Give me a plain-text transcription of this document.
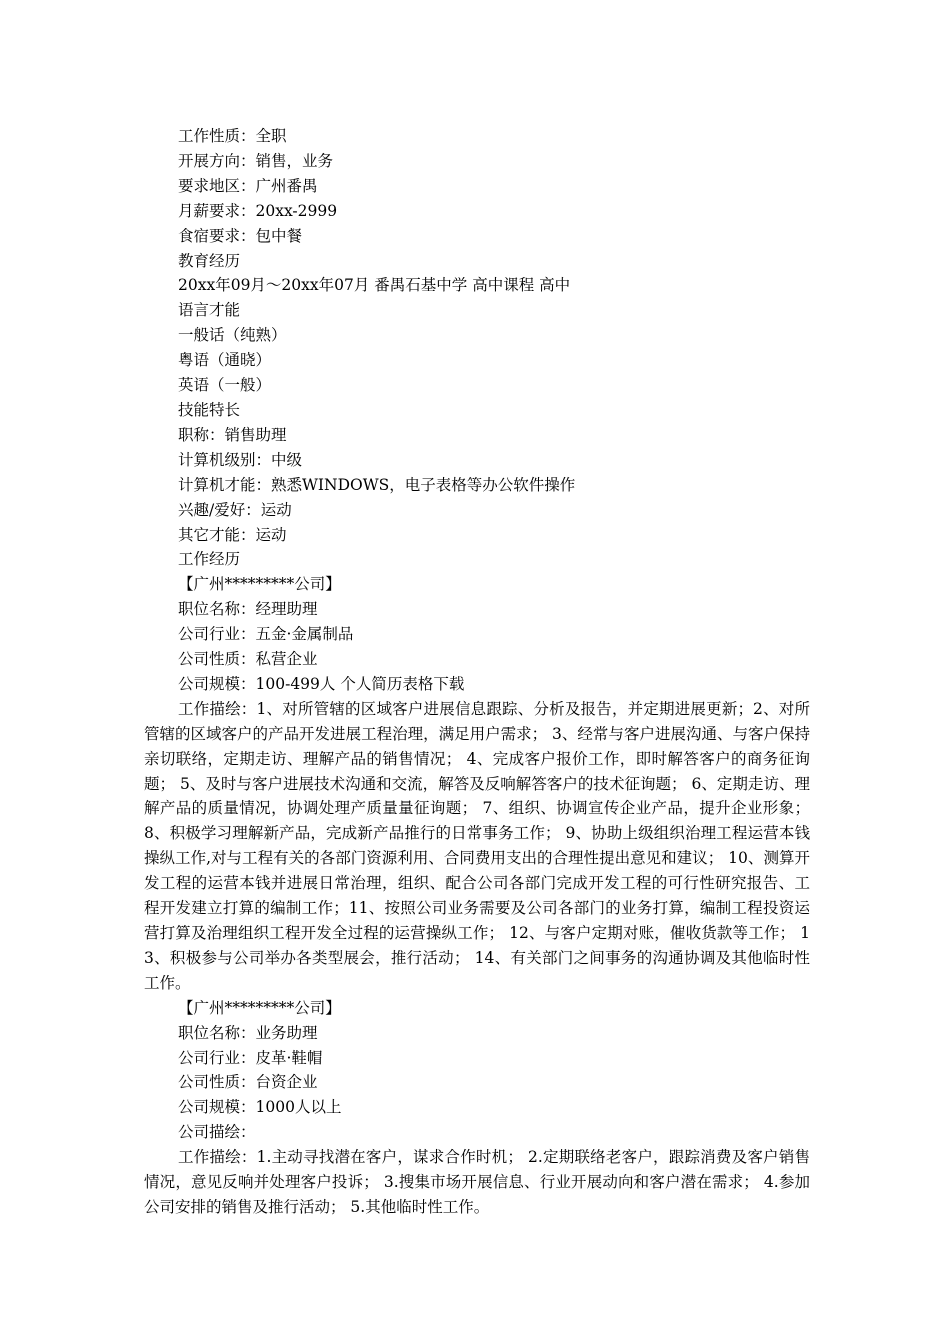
工作性质：全职
开展方向：销售，业务
要求地区：广州番禺
月薪要求：20xx-2999
食宿要求：包中餐
教育经历
20xx年09月～20xx年07月 番禺石基中学 高中课程 高中
语言才能
一般话（纯熟）
粤语（通晓）
英语（一般）
技能特长
职称：销售助理
计算机级别：中级
计算机才能：熟悉WINDOWS，电子表格等办公软件操作
兴趣/爱好：运动
其它才能：运动
工作经历
【广州*********公司】
职位名称：经理助理
公司行业：五金·金属制品
公司性质：私营企业
公司规模：100-499人 个人简历表格下载
工作描绘：1、对所管辖的区域客户进展信息跟踪、分析及报告，并定期进展更新；2、对所管辖的区域客户的产品开发进展工程治理，满足用户需求； 3、经常与客户进展沟通、与客户保持亲切联络，定期走访、理解产品的销售情况； 4、完成客户报价工作，即时解答客户的商务征询题； 5、及时与客户进展技术沟通和交流，解答及反响解答客户的技术征询题； 6、定期走访、理解产品的质量情况，协调处理产质量量征询题； 7、组织、协调宣传企业产品，提升企业形象； 8、积极学习理解新产品，完成新产品推行的日常事务工作； 9、协助上级组织治理工程运营本钱操纵工作,对与工程有关的各部门资源利用、合同费用支出的合理性提出意见和建议； 10、测算开发工程的运营本钱并进展日常治理，组织、配合公司各部门完成开发工程的可行性研究报告、工程开发建立打算的编制工作；11、按照公司业务需要及公司各部门的业务打算，编制工程投资运营打算及治理组织工程开发全过程的运营操纵工作； 12、与客户定期对账，催收货款等工作； 13、积极参与公司举办各类型展会，推行活动； 14、有关部门之间事务的沟通协调及其他临时性工作。
【广州*********公司】
职位名称：业务助理
公司行业：皮革·鞋帽
公司性质：台资企业
公司规模：1000人以上
公司描绘：
工作描绘：1.主动寻找潜在客户，谋求合作时机； 2.定期联络老客户，跟踪消费及客户销售情况，意见反响并处理客户投诉； 3.搜集市场开展信息、行业开展动向和客户潜在需求； 4.参加公司安排的销售及推行活动； 5.其他临时性工作。
